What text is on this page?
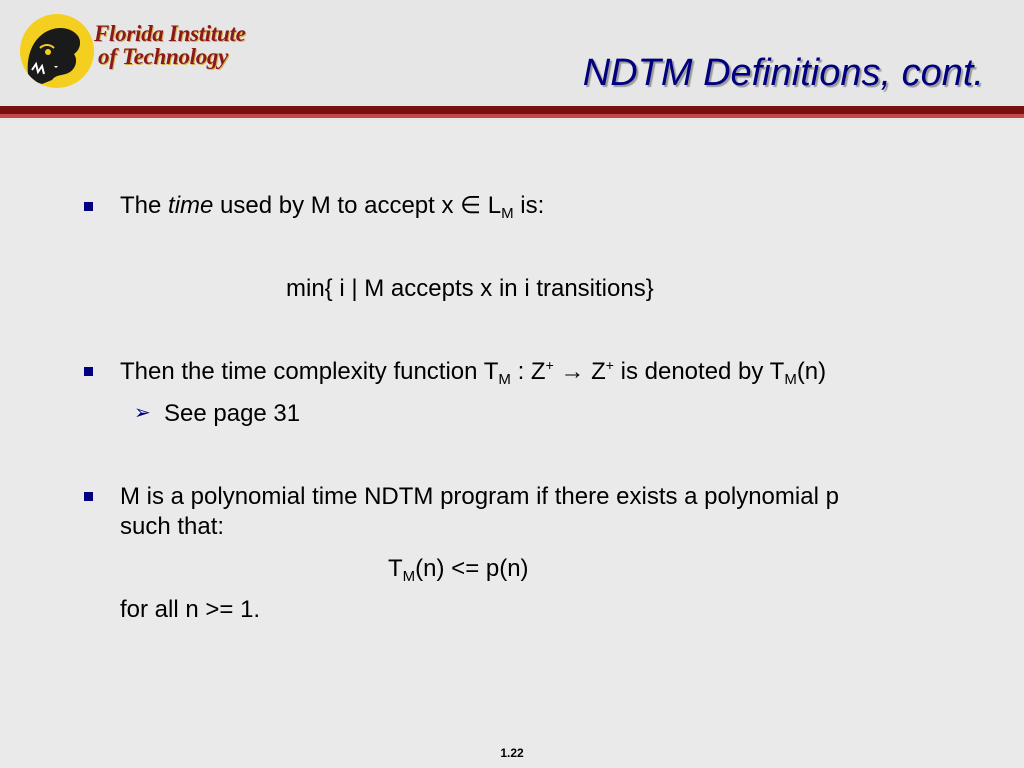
Florida Institute
of Technology	NDTM Definitions, cont.
The time used by M to accept x ∈ $L_M$ is:
min{ i | M accepts x in i transitions}
Then the time complexity function $T_M$ : Z+ → Z+ is denoted by $T_M(n)$
➢ See page 31
M is a polynomial time NDTM program if there exists a polynomial p
such that:
$T_M(n) <= p(n)$
for all n >= 1.
1.22
